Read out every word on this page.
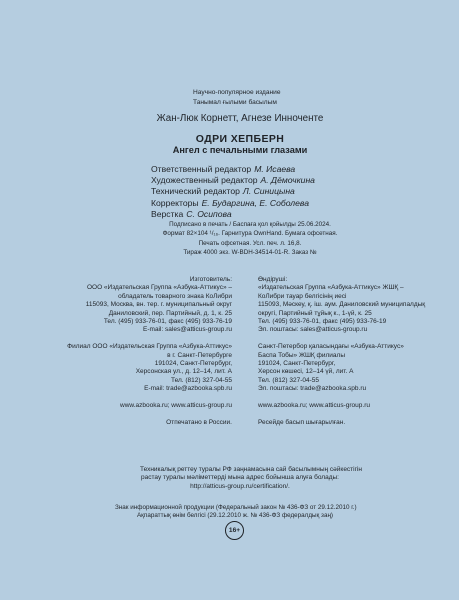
Научно-популярное издание
Танымал ғылыми басылым
Жан-Люк Корнетт, Агнезе Инноченте
ОДРИ ХЕПБЕРН
Ангел с печальными глазами
Ответственный редактор М. Исаева
Художественный редактор А. Дёмочкина
Технический редактор Л. Синицына
Корректоры Е. Бударгина, Е. Соболева
Верстка С. Осипова
Подписано в печать / Баспаға қол қойылды 25.06.2024.
Формат 82×104 ¹/₁₆. Гарнитура OwnHand. Бумага офсетная.
Печать офсетная. Усл. печ. л. 16,8.
Тираж 4000 экз. W-BDH-34514-01-R. Заказ №
Изготовитель:
ООО «Издательская Группа «Азбука-Аттикус» –
обладатель товарного знака КоЛибри
115093, Москва, вн. тер. г. муниципальный округ
Даниловский, пер. Партийный, д. 1, к. 25
Тел. (495) 933-76-01, факс (495) 933-76-19
E-mail: sales@atticus-group.ru
Филиал ООО «Издательская Группа «Азбука-Аттикус»
в г. Санкт-Петербурге
191024, Санкт-Петербург,
Херсонская ул., д. 12–14, лит. А
Тел. (812) 327-04-55
E-mail: trade@azbooka.spb.ru
www.azbooka.ru; www.atticus-group.ru
Отпечатано в России.
Өндіруші:
«Издательская Группа «Азбука-Аттикус» ЖШҚ –
КоЛибри тауар белгісінің иесі
115093, Мәскеу, қ. іш. аум. Даниловский муниципалдық
округі, Партийный тұйық к., 1-үй, к. 25
Тел. (495) 933-76-01, факс (495) 933-76-19
Эл. поштасы: sales@atticus-group.ru
Санкт-Петербор қаласындағы «Азбука-Аттикус»
Баспа Тобы» ЖШҚ филиалы
191024, Санкт-Петербург,
Херсон көшесі, 12–14 үй, лит. А
Тел. (812) 327-04-55
Эл. поштасы: trade@azbooka.spb.ru
www.azbooka.ru; www.atticus-group.ru
Ресейде басып шығарылған.
Техникалық реттеу туралы РФ заңнамасына сай басылымның сәйкестігін
растау туралы мәліметтерді мына адрес бойынша алуға болады:
http://atticus-group.ru/certification/.
Знак информационной продукции (Федеральный закон № 436-ФЗ от 29.12.2010 г.)
Ақпараттық өнім белгісі (29.12.2010 ж. № 436-ФЗ федералдық заң)
16+
